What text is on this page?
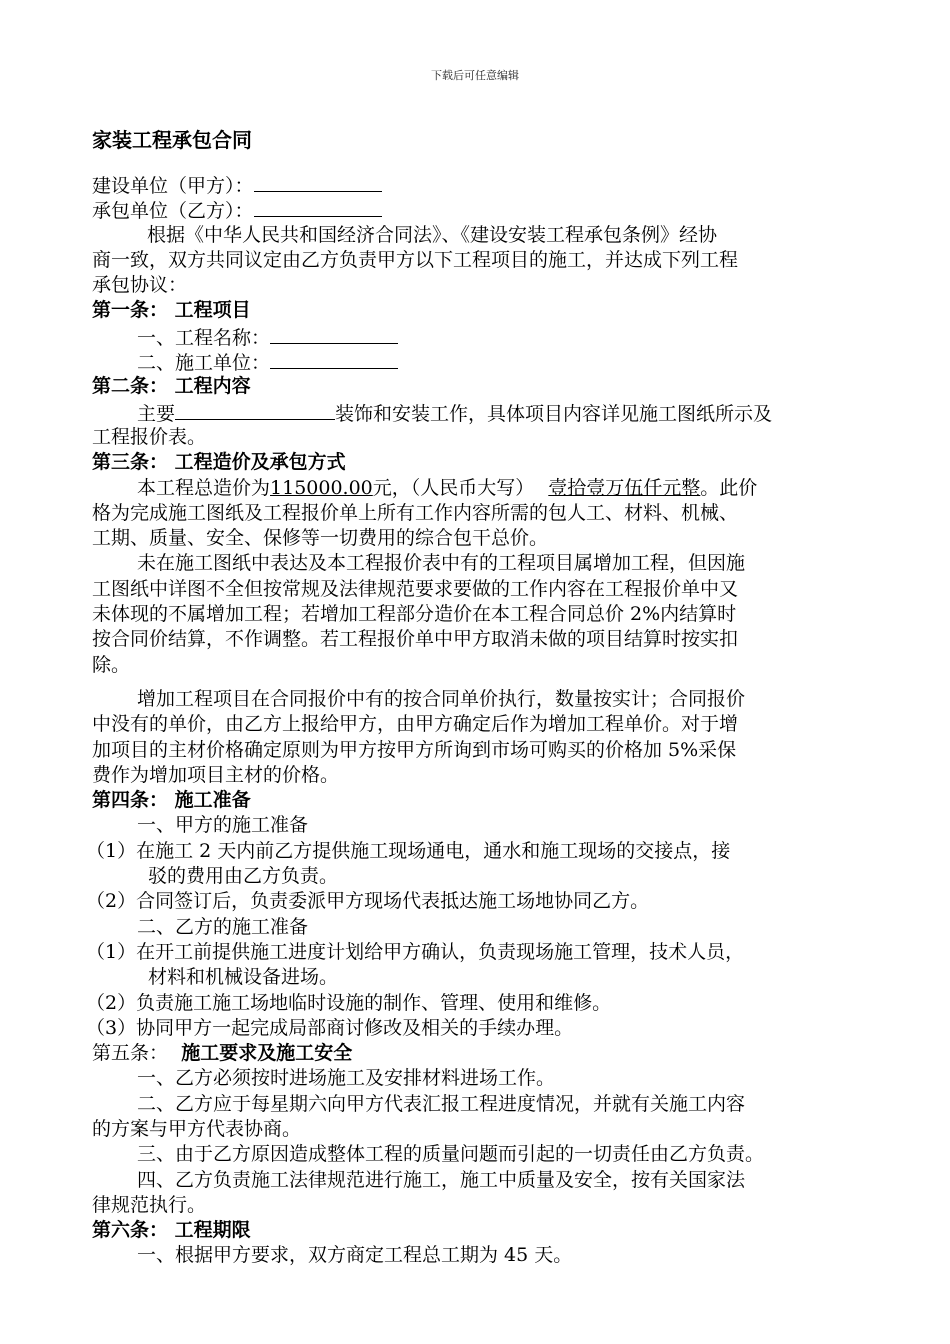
下载后可任意编辑
家装工程承包合同
建设单位（甲方）：
承包单位（乙方）：
根据《中华人民共和国经济合同法》、《建设安装工程承包条例》经协
商一致，双方共同议定由乙方负责甲方以下工程项目的施工，并达成下列工程
承包协议：
第一条： 工程项目
一、工程名称：
二、施工单位：
第二条： 工程内容
主要	装饰和安装工作，具体项目内容详见施工图纸所示及
工程报价表。
第三条： 工程造价及承包方式
本工程总造价为115000.00元，（人民币大写） 壹拾壹万伍仟元整。此价
格为完成施工图纸及工程报价单上所有工作内容所需的包人工、材料、机械、
工期、质量、安全、保修等一切费用的综合包干总价。
未在施工图纸中表达及本工程报价表中有的工程项目属增加工程，但因施
工图纸中详图不全但按常规及法律规范要求要做的工作内容在工程报价单中又
未体现的不属增加工程；若增加工程部分造价在本工程合同总价 2%内结算时
按合同价结算，不作调整。若工程报价单中甲方取消未做的项目结算时按实扣
除。
增加工程项目在合同报价中有的按合同单价执行，数量按实计；合同报价
中没有的单价，由乙方上报给甲方，由甲方确定后作为增加工程单价。对于增
加项目的主材价格确定原则为甲方按甲方所询到市场可购买的价格加 5%采保
费作为增加项目主材的价格。
第四条： 施工准备
一、甲方的施工准备
（1）在施工 2 天内前乙方提供施工现场通电，通水和施工现场的交接点，接
驳的费用由乙方负责。
（2）合同签订后，负责委派甲方现场代表抵达施工场地协同乙方。
二、乙方的施工准备
（1）在开工前提供施工进度计划给甲方确认，负责现场施工管理，技术人员，
材料和机械设备进场。
（2）负责施工施工场地临时设施的制作、管理、使用和维修。
（3）协同甲方一起完成局部商讨修改及相关的手续办理。
第五条：  施工要求及施工安全
一、乙方必须按时进场施工及安排材料进场工作。
二、乙方应于每星期六向甲方代表汇报工程进度情况，并就有关施工内容
的方案与甲方代表协商。
三、由于乙方原因造成整体工程的质量问题而引起的一切责任由乙方负责。
四、乙方负责施工法律规范进行施工，施工中质量及安全，按有关国家法
律规范执行。
第六条： 工程期限
一、根据甲方要求，双方商定工程总工期为 45 天。
